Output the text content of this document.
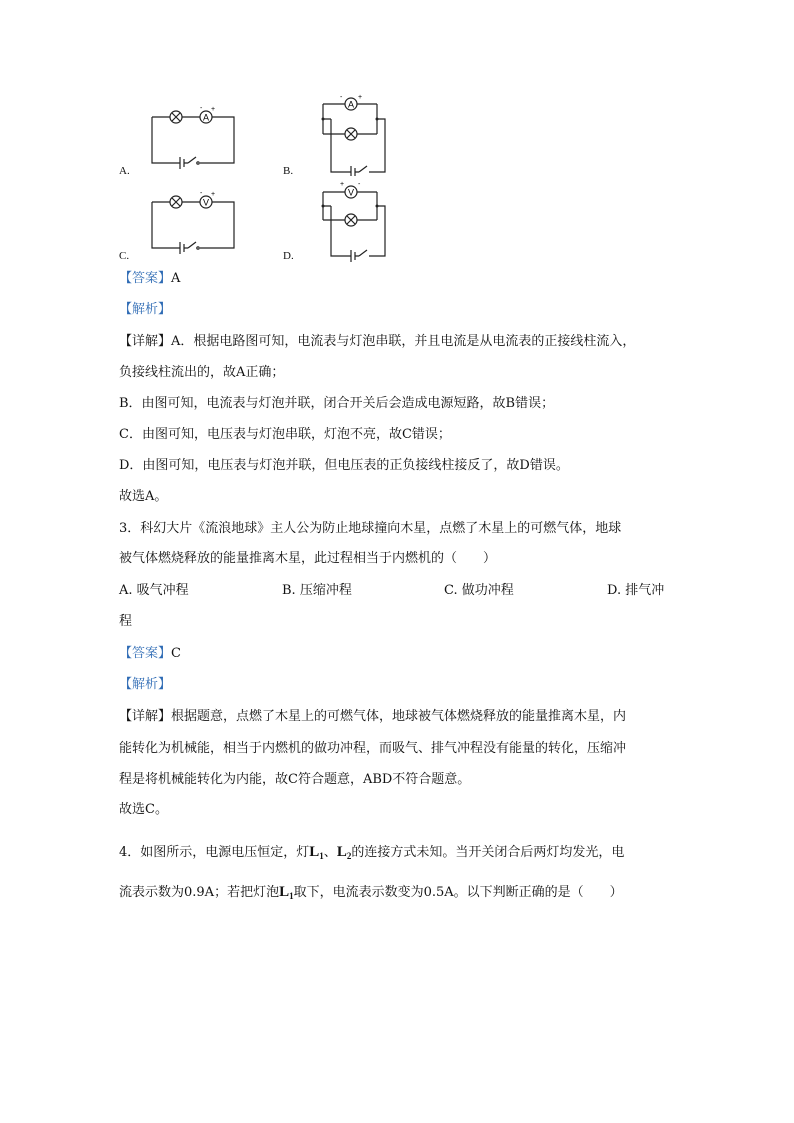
A
- +
A.
A
- +
B.
V
- +
C.
V
+ -
D.
【答案】A
【解析】
【详解】A．根据电路图可知，电流表与灯泡串联，并且电流是从电流表的正接线柱流入，
负接线柱流出的，故A正确；
B．由图可知，电流表与灯泡并联，闭合开关后会造成电源短路，故B错误；
C．由图可知，电压表与灯泡串联，灯泡不亮，故C错误；
D．由图可知，电压表与灯泡并联，但电压表的正负接线柱接反了，故D错误。
故选A。
3．科幻大片《流浪地球》主人公为防止地球撞向木星，点燃了木星上的可燃气体，地球
被气体燃烧释放的能量推离木星，此过程相当于内燃机的（　　）
A. 吸气冲程	B. 压缩冲程	C. 做功冲程	D. 排气冲
程
【答案】C
【解析】
【详解】根据题意，点燃了木星上的可燃气体，地球被气体燃烧释放的能量推离木星，内
能转化为机械能，相当于内燃机的做功冲程，而吸气、排气冲程没有能量的转化，压缩冲
程是将机械能转化为内能，故C符合题意，ABD不符合题意。
故选C。
4．如图所示，电源电压恒定，灯$L_1$、$L_2$的连接方式未知。当开关闭合后两灯均发光，电
流表示数为0.9A；若把灯泡$L_1$取下，电流表示数变为0.5A。以下判断正确的是（　　）
